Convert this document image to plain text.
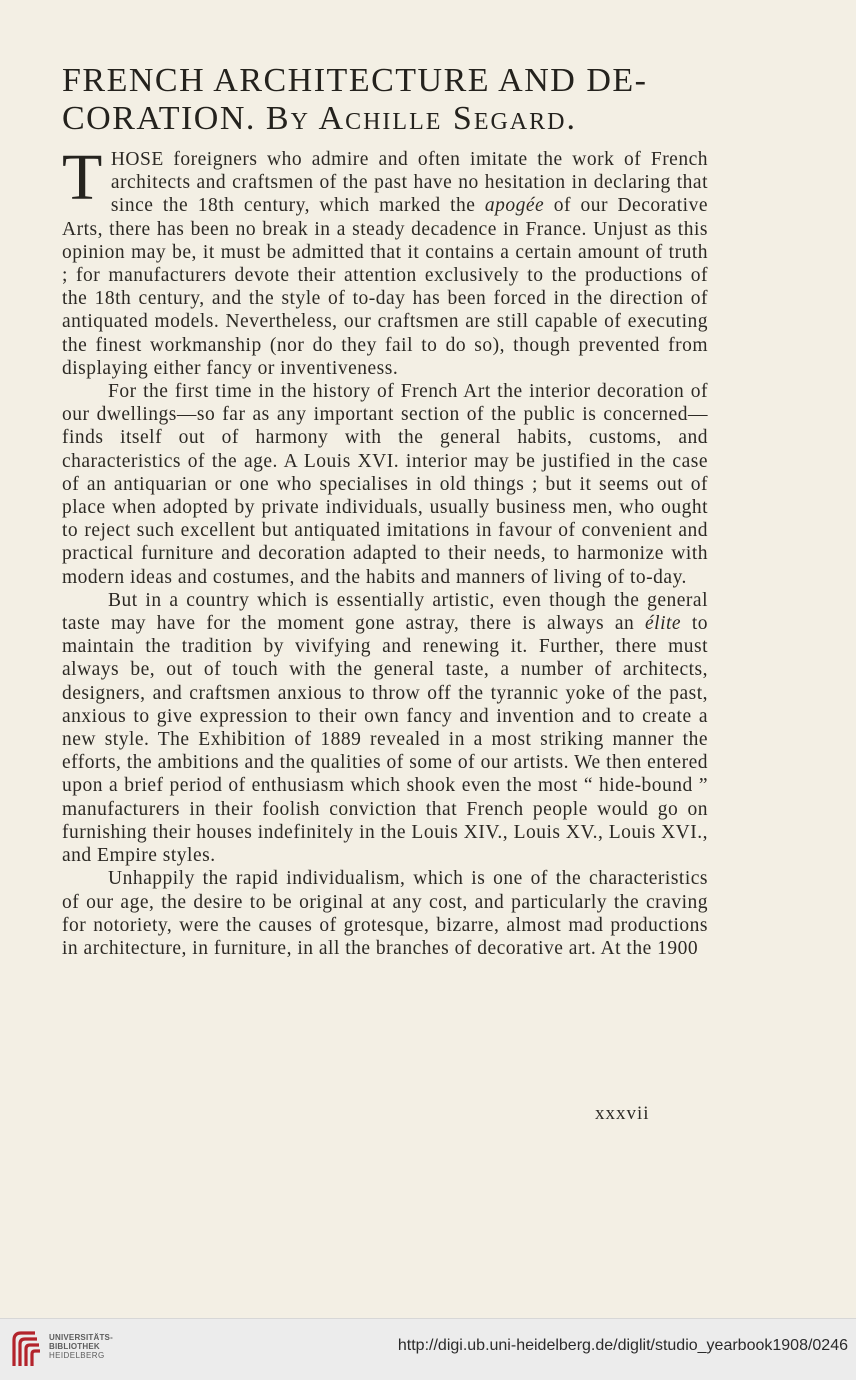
FRENCH ARCHITECTURE AND DE-
CORATION. By Achille Segard.

THOSE foreigners who admire and often imitate the work of French architects and craftsmen of the past have no hesitation in declaring that since the 18th century, which marked the apogée of our Decorative Arts, there has been no break in a steady decadence in France. Unjust as this opinion may be, it must be admitted that it contains a certain amount of truth ; for manufacturers devote their attention exclusively to the productions of the 18th century, and the style of to-day has been forced in the direction of antiquated models. Nevertheless, our craftsmen are still capable of executing the finest workmanship (nor do they fail to do so), though prevented from displaying either fancy or inventiveness.

For the first time in the history of French Art the interior decoration of our dwellings—so far as any important section of the public is concerned—finds itself out of harmony with the general habits, customs, and characteristics of the age. A Louis XVI. interior may be justified in the case of an antiquarian or one who specialises in old things ; but it seems out of place when adopted by private individuals, usually business men, who ought to reject such excellent but antiquated imitations in favour of convenient and practical furniture and decoration adapted to their needs, to harmonize with modern ideas and costumes, and the habits and manners of living of to-day.

But in a country which is essentially artistic, even though the general taste may have for the moment gone astray, there is always an élite to maintain the tradition by vivifying and renewing it. Further, there must always be, out of touch with the general taste, a number of architects, designers, and craftsmen anxious to throw off the tyrannic yoke of the past, anxious to give expression to their own fancy and invention and to create a new style. The Exhibition of 1889 revealed in a most striking manner the efforts, the ambitions and the qualities of some of our artists. We then entered upon a brief period of enthusiasm which shook even the most “ hide-bound ” manufacturers in their foolish conviction that French people would go on furnishing their houses indefinitely in the Louis XIV., Louis XV., Louis XVI., and Empire styles.

Unhappily the rapid individualism, which is one of the characteristics of our age, the desire to be original at any cost, and particularly the craving for notoriety, were the causes of grotesque, bizarre, almost mad productions in architecture, in furniture, in all the branches of decorative art. At the 1900

xxxvii
UNIVERSITÄTS-
BIBLIOTHEK
HEIDELBERG
http://digi.ub.uni-heidelberg.de/diglit/studio_yearbook1908/0246
